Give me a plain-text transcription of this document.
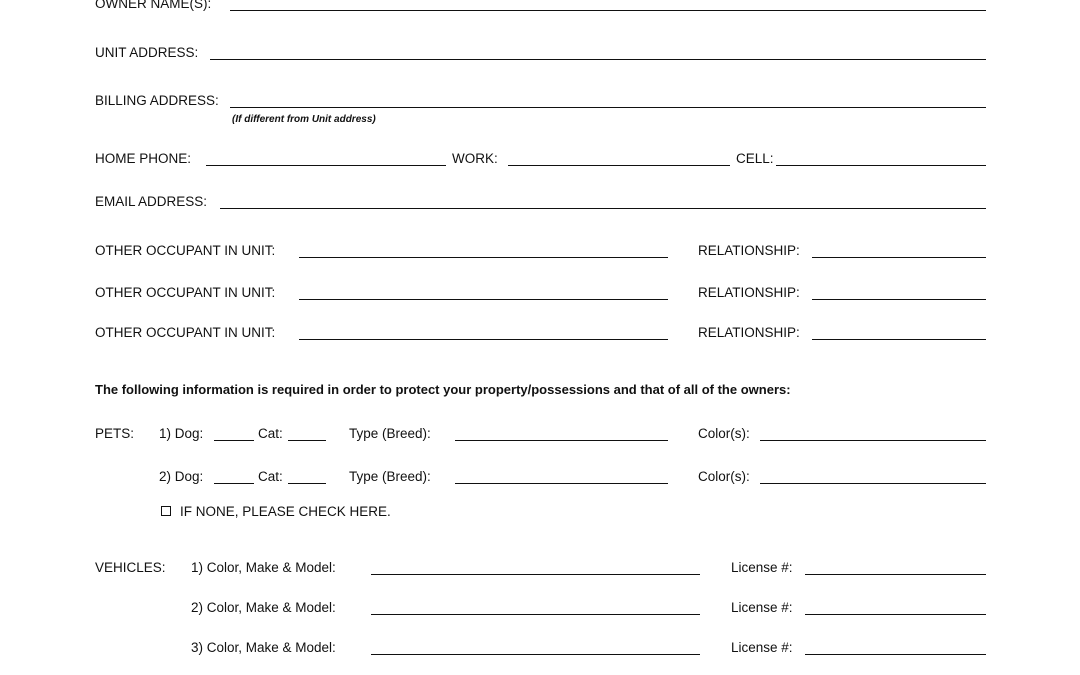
OWNER NAME(S):
UNIT ADDRESS:
BILLING ADDRESS:
(If different from Unit address)
HOME PHONE:	WORK:	CELL:
EMAIL ADDRESS:
OTHER OCCUPANT IN UNIT:	RELATIONSHIP:
OTHER OCCUPANT IN UNIT:	RELATIONSHIP:
OTHER OCCUPANT IN UNIT:	RELATIONSHIP:
The following information is required in order to protect your property/possessions and that of all of the owners:
PETS: 1) Dog:	Cat:	Type (Breed):	Color(s):
2) Dog:	Cat:	Type (Breed):	Color(s):
IF NONE, PLEASE CHECK HERE.
VEHICLES: 1) Color, Make & Model:	License #:
2) Color, Make & Model:	License #:
3) Color, Make & Model:	License #:
